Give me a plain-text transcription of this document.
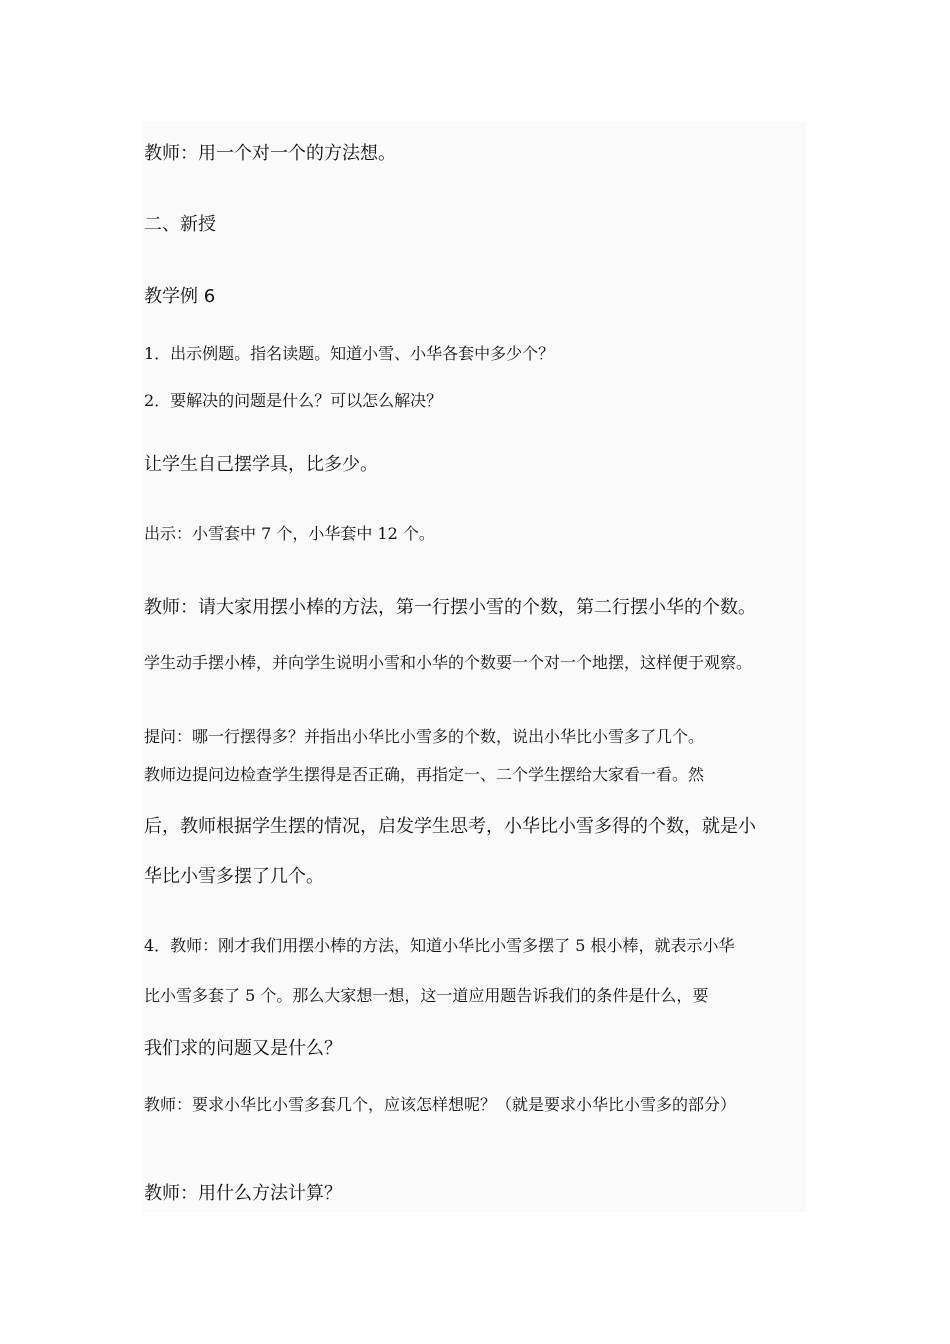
教师：用一个对一个的方法想。
二、新授
教学例 6
1．出示例题。指名读题。知道小雪、小华各套中多少个？
2．要解决的问题是什么？可以怎么解决？
让学生自己摆学具，比多少。
出示：小雪套中 7 个，小华套中 12 个。
教师：请大家用摆小棒的方法，第一行摆小雪的个数，第二行摆小华的个数。
学生动手摆小棒，并向学生说明小雪和小华的个数要一个对一个地摆，这样便于观察。
提问：哪一行摆得多？并指出小华比小雪多的个数，说出小华比小雪多了几个。
教师边提问边检查学生摆得是否正确，再指定一、二个学生摆给大家看一看。然
后，教师根据学生摆的情况，启发学生思考，小华比小雪多得的个数，就是小
华比小雪多摆了几个。
4．教师：刚才我们用摆小棒的方法，知道小华比小雪多摆了 5 根小棒，就表示小华
比小雪多套了 5 个。那么大家想一想，这一道应用题告诉我们的条件是什么，要
我们求的问题又是什么？
教师：要求小华比小雪多套几个，应该怎样想呢？（就是要求小华比小雪多的部分）
教师：用什么方法计算？
